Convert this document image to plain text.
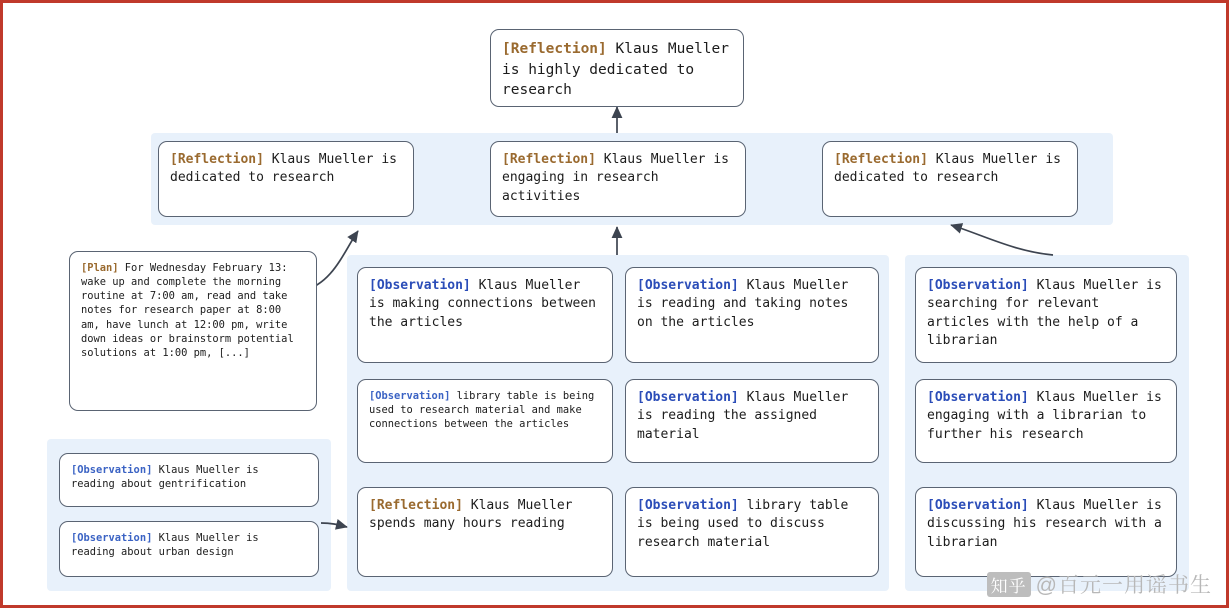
[Reflection] Klaus Mueller is highly dedicated to research
[Reflection] Klaus Mueller is dedicated to research
[Reflection] Klaus Mueller is engaging in research activities
[Reflection] Klaus Mueller is dedicated to research
[Plan] For Wednesday February 13: wake up and complete the morning routine at 7:00 am, read and take notes for research paper at 8:00 am, have lunch at 12:00 pm, write down ideas or brainstorm potential solutions at 1:00 pm, [...]
[Observation] Klaus Mueller is reading about gentrification
[Observation] Klaus Mueller is reading about urban design
[Observation] Klaus Mueller is making connections between the articles
[Observation] library table is being used to research material and make connections between the articles
[Reflection] Klaus Mueller spends many hours reading
[Observation] Klaus Mueller is reading and taking notes on the articles
[Observation] Klaus Mueller is reading the assigned material
[Observation] library table is being used to discuss research material
[Observation] Klaus Mueller is searching for relevant articles with the help of a librarian
[Observation] Klaus Mueller is engaging with a librarian to further his research
[Observation] Klaus Mueller is discussing his research with a librarian
知乎 @百元一用谣书生
